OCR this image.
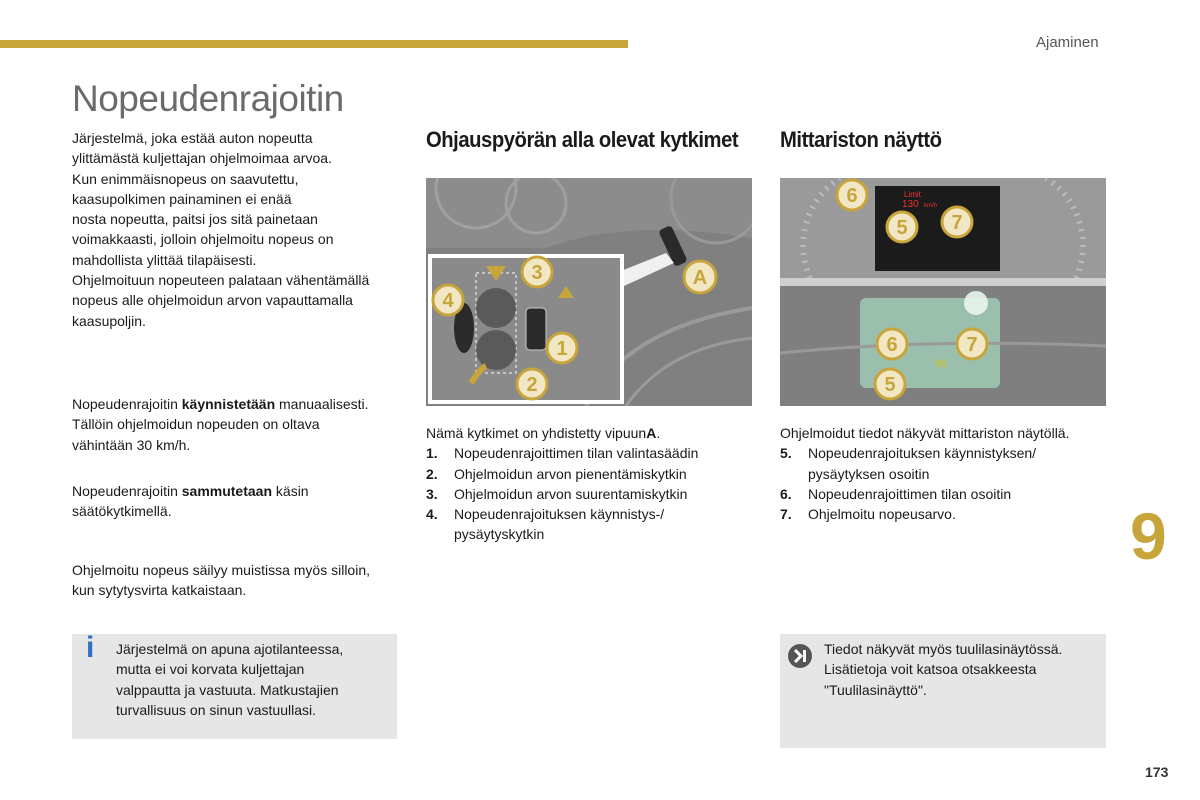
Ajaminen
Nopeudenrajoitin
Järjestelmä, joka estää auton nopeutta
ylittämästä kuljettajan ohjelmoimaa arvoa.
Kun enimmäisnopeus on saavutettu,
kaasupolkimen painaminen ei enää
nosta nopeutta, paitsi jos sitä painetaan
voimakkaasti, jolloin ohjelmoitu nopeus on
mahdollista ylittää tilapäisesti.
Ohjelmoituun nopeuteen palataan vähentämällä
nopeus alle ohjelmoidun arvon vapauttamalla
kaasupoljin.
Nopeudenrajoitin käynnistetään manuaalisesti.
Tällöin ohjelmoidun nopeuden on oltava
vähintään 30 km/h.
Nopeudenrajoitin sammutetaan käsin
säätökytkimellä.
Ohjelmoitu nopeus säilyy muistissa myös silloin,
kun sytytysvirta katkaistaan.
i Järjestelmä on apuna ajotilanteessa,
mutta ei voi korvata kuljettajan
valppautta ja vastuuta. Matkustajien
turvallisuus on sinun vastuullasi.
Ohjauspyörän alla olevat kytkimet
3
4
1
2
A
Nämä kytkimet on yhdistetty vipuun A .
1.	Nopeudenrajoittimen tilan valintasäädin
2.	Ohjelmoidun arvon pienentämiskytkin
3.	Ohjelmoidun arvon suurentamiskytkin
4.	Nopeudenrajoituksen käynnistys-/
pysäytyskytkin
Mittariston näyttö
Limit
130 km/h
90
6
5 7
6	7
5
Ohjelmoidut tiedot näkyvät mittariston näytöllä.
5.	Nopeudenrajoituksen käynnistyksen/
pysäytyksen osoitin
6.	Nopeudenrajoittimen tilan osoitin
7.	Ohjelmoitu nopeusarvo.
Tiedot näkyvät myös tuulilasinäytössä.
Lisätietoja voit katsoa otsakkeesta
"Tuulilasinäyttö".
9
173
